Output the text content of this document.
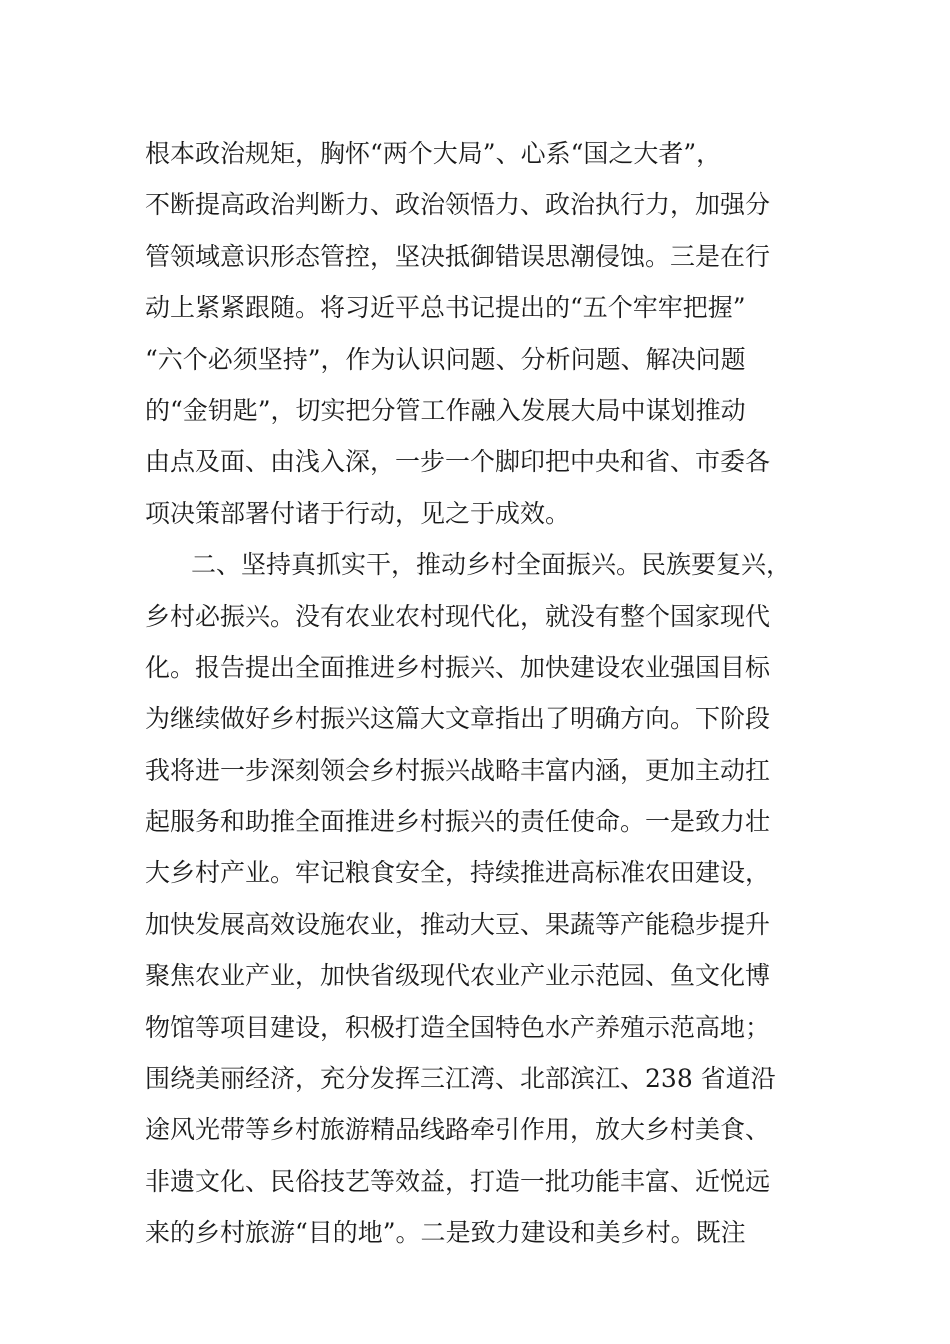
根本政治规矩，胸怀“两个大局”、心系“国之大者”，
不断提高政治判断力、政治领悟力、政治执行力，加强分
管领域意识形态管控，坚决抵御错误思潮侵蚀。三是在行
动上紧紧跟随。将习近平总书记提出的“五个牢牢把握”
“六个必须坚持”，作为认识问题、分析问题、解决问题
的“金钥匙”，切实把分管工作融入发展大局中谋划推动
由点及面、由浅入深，一步一个脚印把中央和省、市委各
项决策部署付诸于行动，见之于成效。
二、坚持真抓实干，推动乡村全面振兴。民族要复兴，
乡村必振兴。没有农业农村现代化，就没有整个国家现代
化。报告提出全面推进乡村振兴、加快建设农业强国目标
为继续做好乡村振兴这篇大文章指出了明确方向。下阶段
我将进一步深刻领会乡村振兴战略丰富内涵，更加主动扛
起服务和助推全面推进乡村振兴的责任使命。一是致力壮
大乡村产业。牢记粮食安全，持续推进高标准农田建设，
加快发展高效设施农业，推动大豆、果蔬等产能稳步提升
聚焦农业产业，加快省级现代农业产业示范园、鱼文化博
物馆等项目建设，积极打造全国特色水产养殖示范高地；
围绕美丽经济，充分发挥三江湾、北部滨江、238 省道沿
途风光带等乡村旅游精品线路牵引作用，放大乡村美食、
非遗文化、民俗技艺等效益，打造一批功能丰富、近悦远
来的乡村旅游“目的地”。二是致力建设和美乡村。既注
